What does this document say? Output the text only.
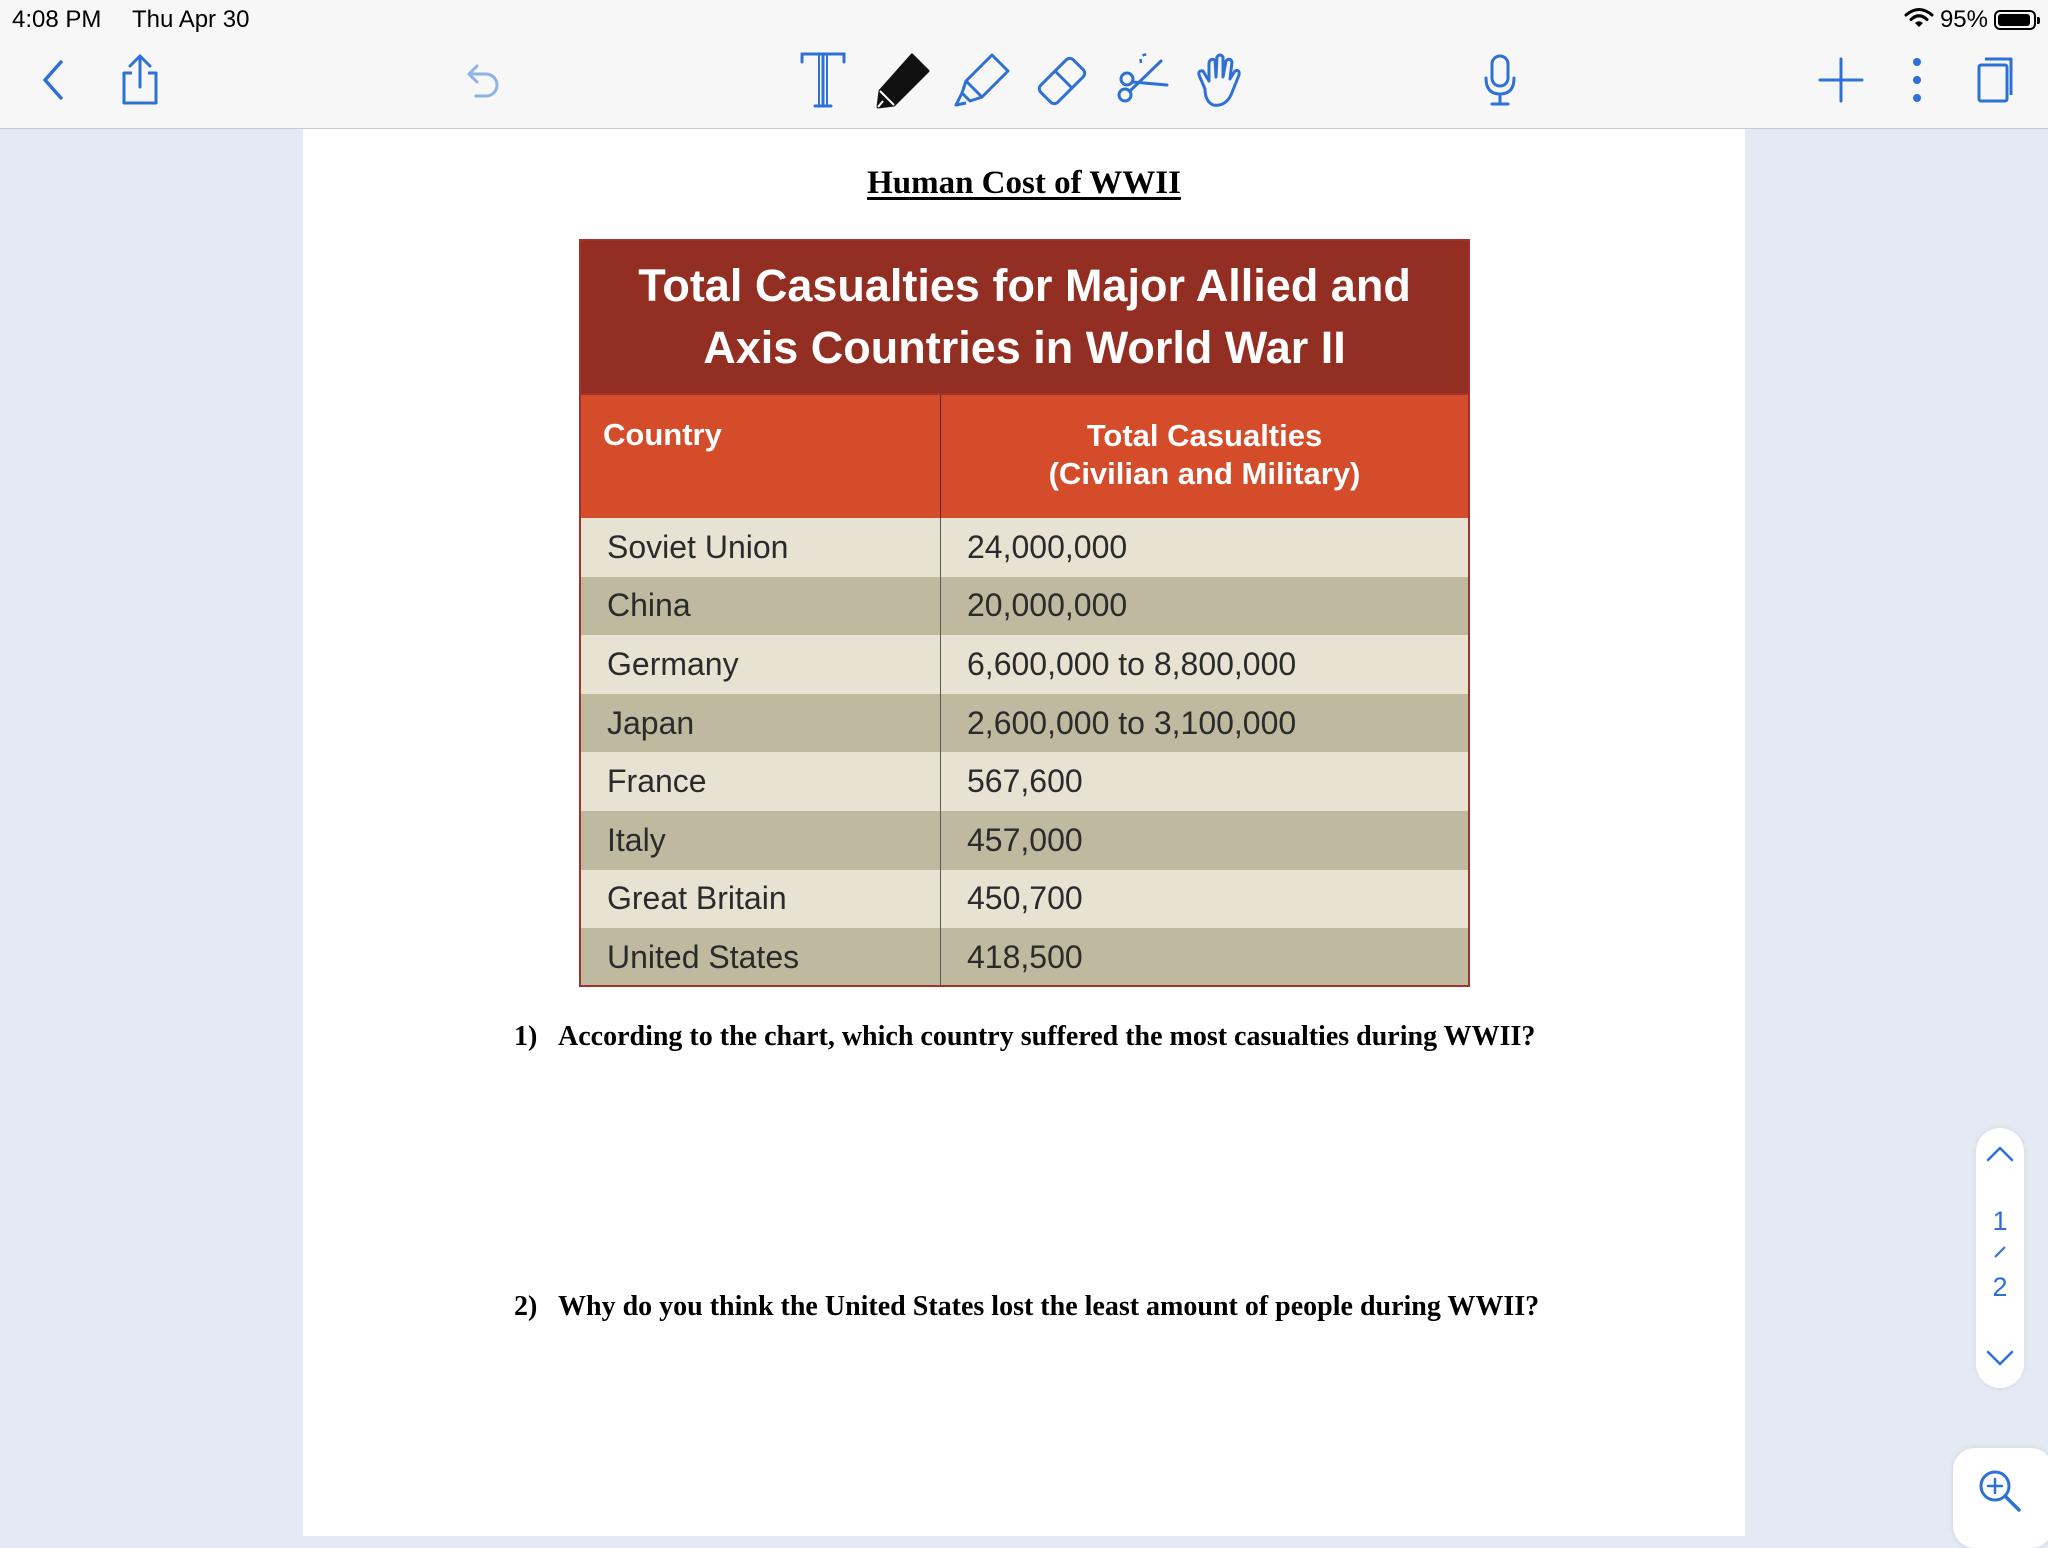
4:08 PM Thu Apr 30	95%
Human Cost of WWII
Total Casualties for Major Allied and
Axis Countries in World War II
Country	Total Casualties
(Civilian and Military)
Soviet Union	24,000,000
China	20,000,000
Germany	6,600,000 to 8,800,000
Japan	2,600,000 to 3,100,000
France	567,600
Italy	457,000
Great Britain	450,700
United States	418,500
1) According to the chart, which country suffered the most casualties during WWII?
2) Why do you think the United States lost the least amount of people during WWII?
1
2
